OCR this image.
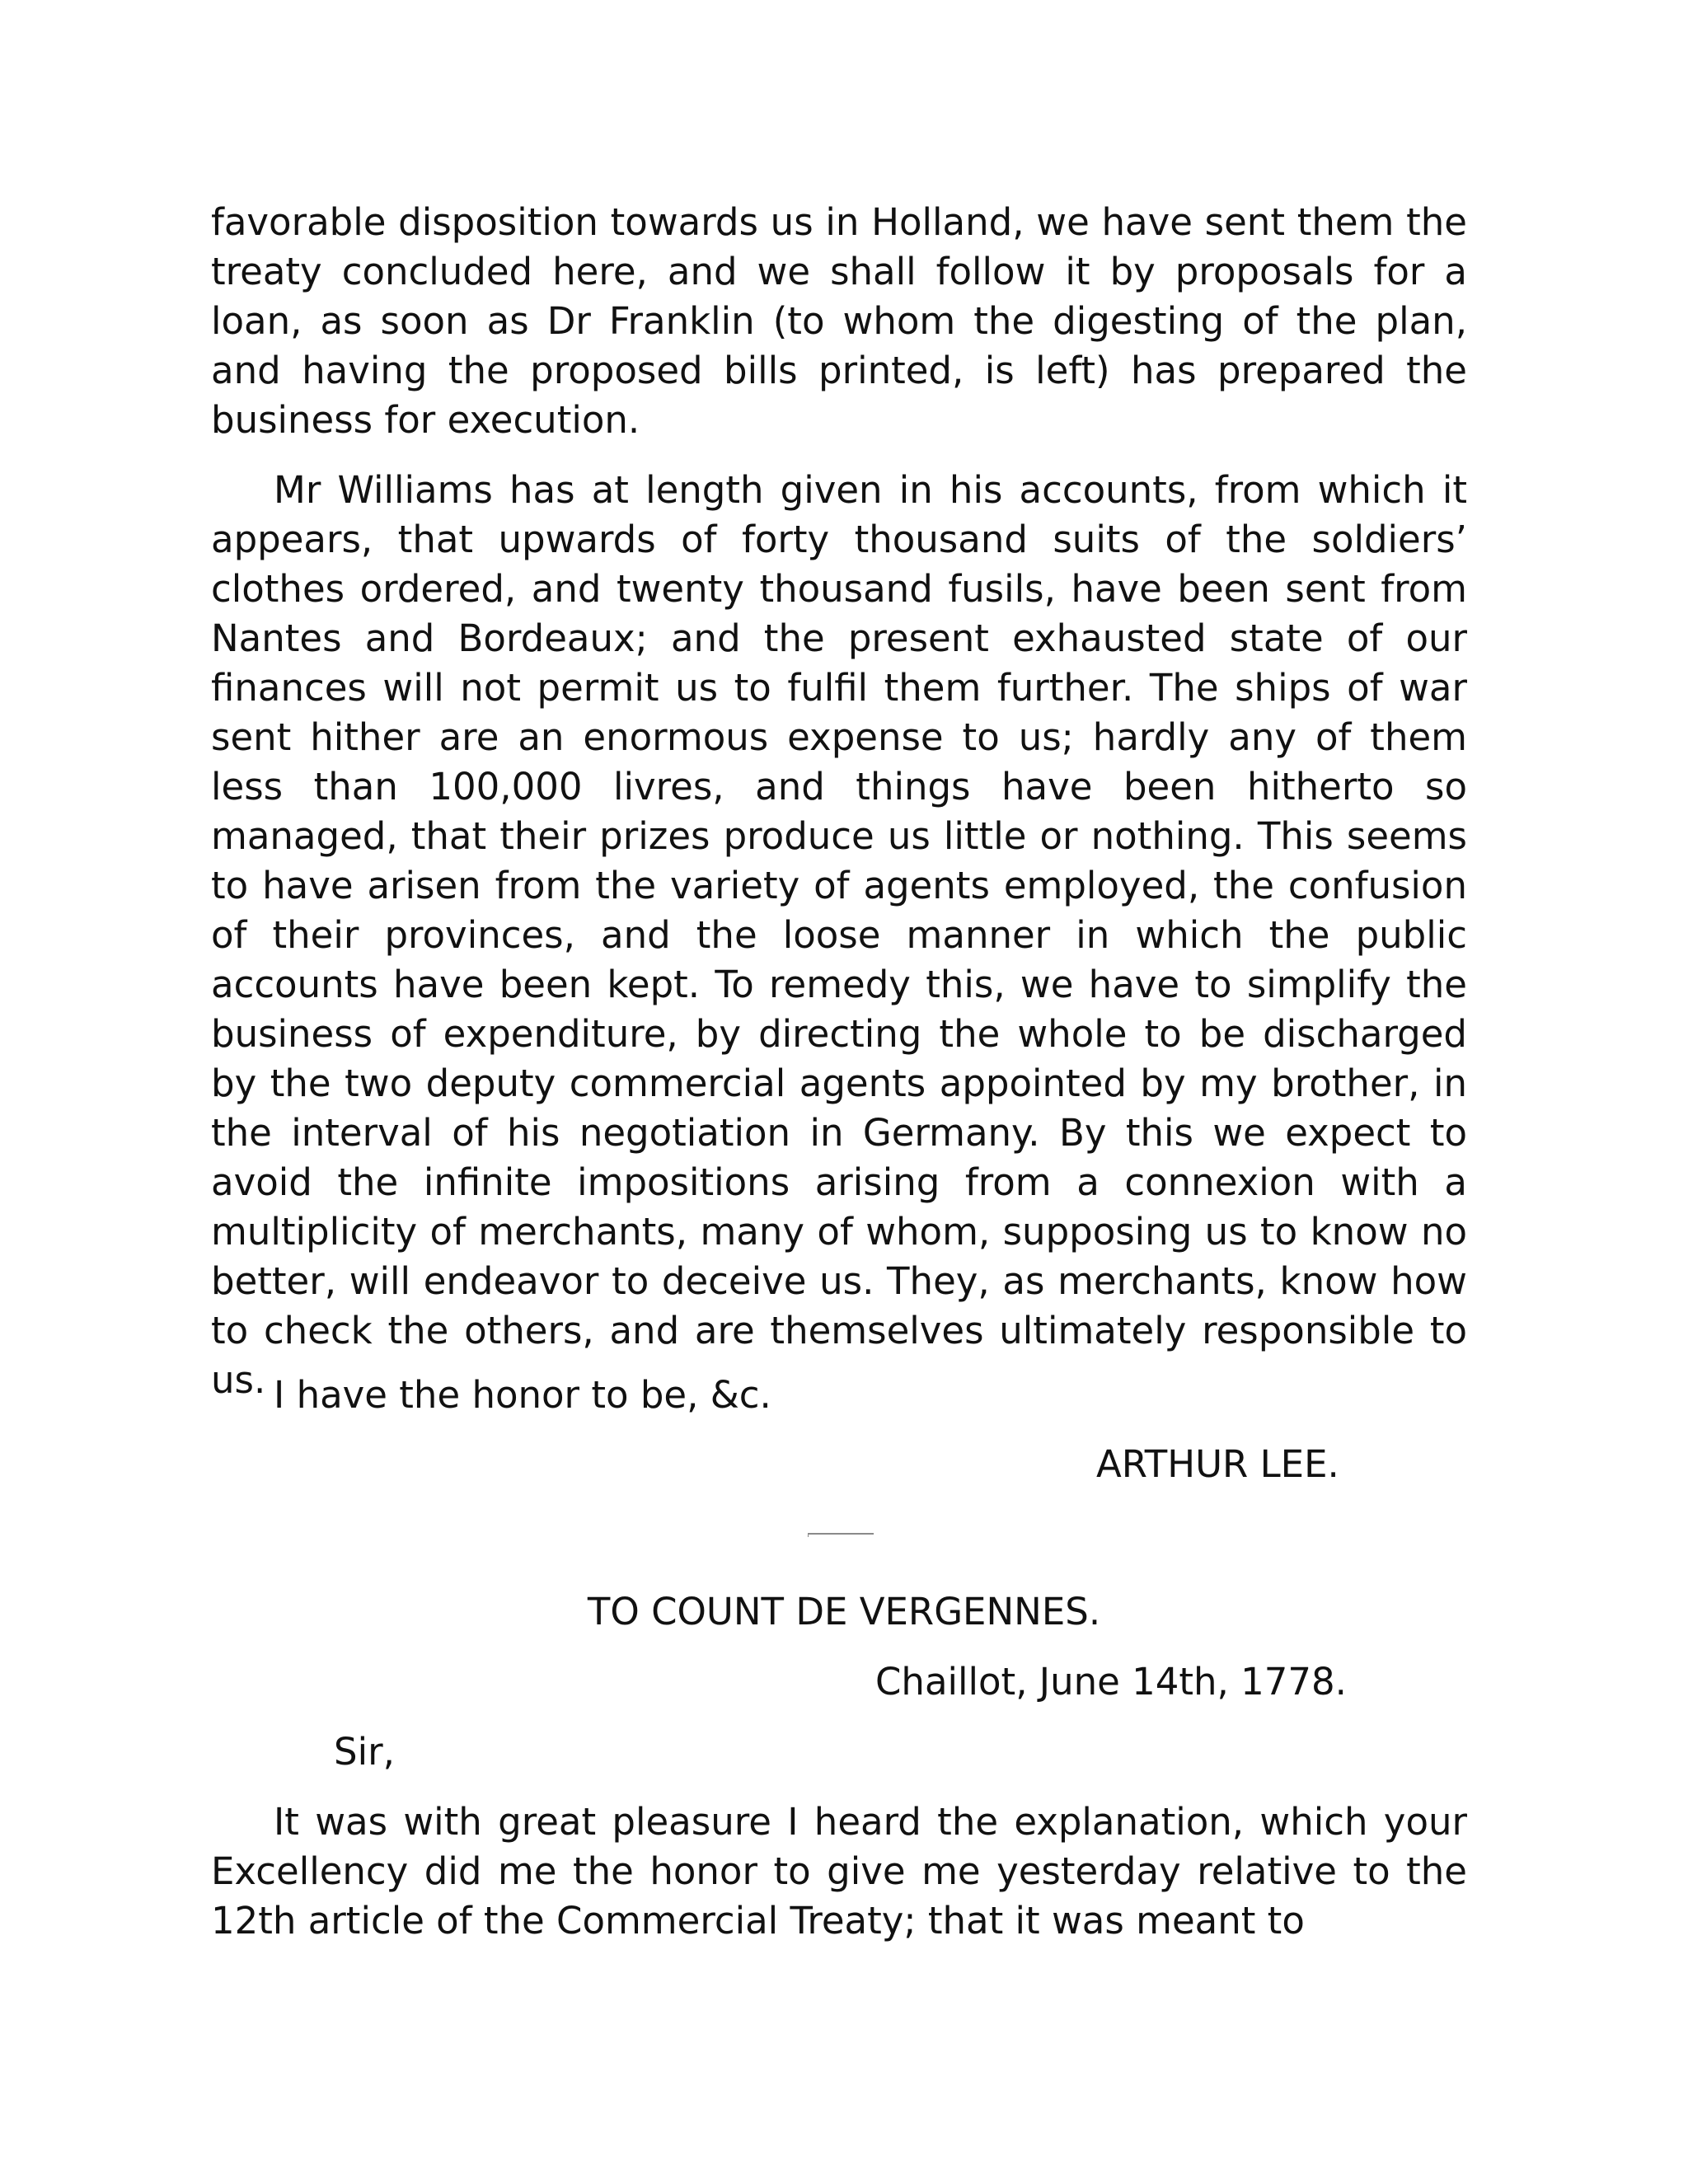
favorable disposition towards us in Holland, we have sent them the treaty concluded here, and we shall follow it by proposals for a loan, as soon as Dr Franklin (to whom the digesting of the plan, and having the proposed bills printed, is left) has prepared the business for execution.

Mr Williams has at length given in his accounts, from which it appears, that upwards of forty thousand suits of the soldiers’ clothes ordered, and twenty thousand fusils, have been sent from Nantes and Bordeaux; and the present exhausted state of our finances will not permit us to fulfil them further. The ships of war sent hither are an enormous expense to us; hardly any of them less than 100,000 livres, and things have been hitherto so managed, that their prizes produce us little or nothing. This seems to have arisen from the variety of agents employed, the confusion of their provinces, and the loose manner in which the public accounts have been kept. To remedy this, we have to simplify the business of expenditure, by directing the whole to be discharged by the two deputy commercial agents appointed by my brother, in the interval of his negotiation in Germany. By this we expect to avoid the infinite impositions arising from a connexion with a multiplicity of merchants, many of whom, supposing us to know no better, will endeavor to deceive us. They, as merchants, know how to check the others, and are themselves ultimately responsible to us. I have the honor to be, &c.

ARTHUR LEE.

TO COUNT DE VERGENNES.

Chaillot, June 14th, 1778.

Sir,

It was with great pleasure I heard the explanation, which your Excellency did me the honor to give me yesterday relative to the 12th article of the Commercial Treaty; that it was meant to
